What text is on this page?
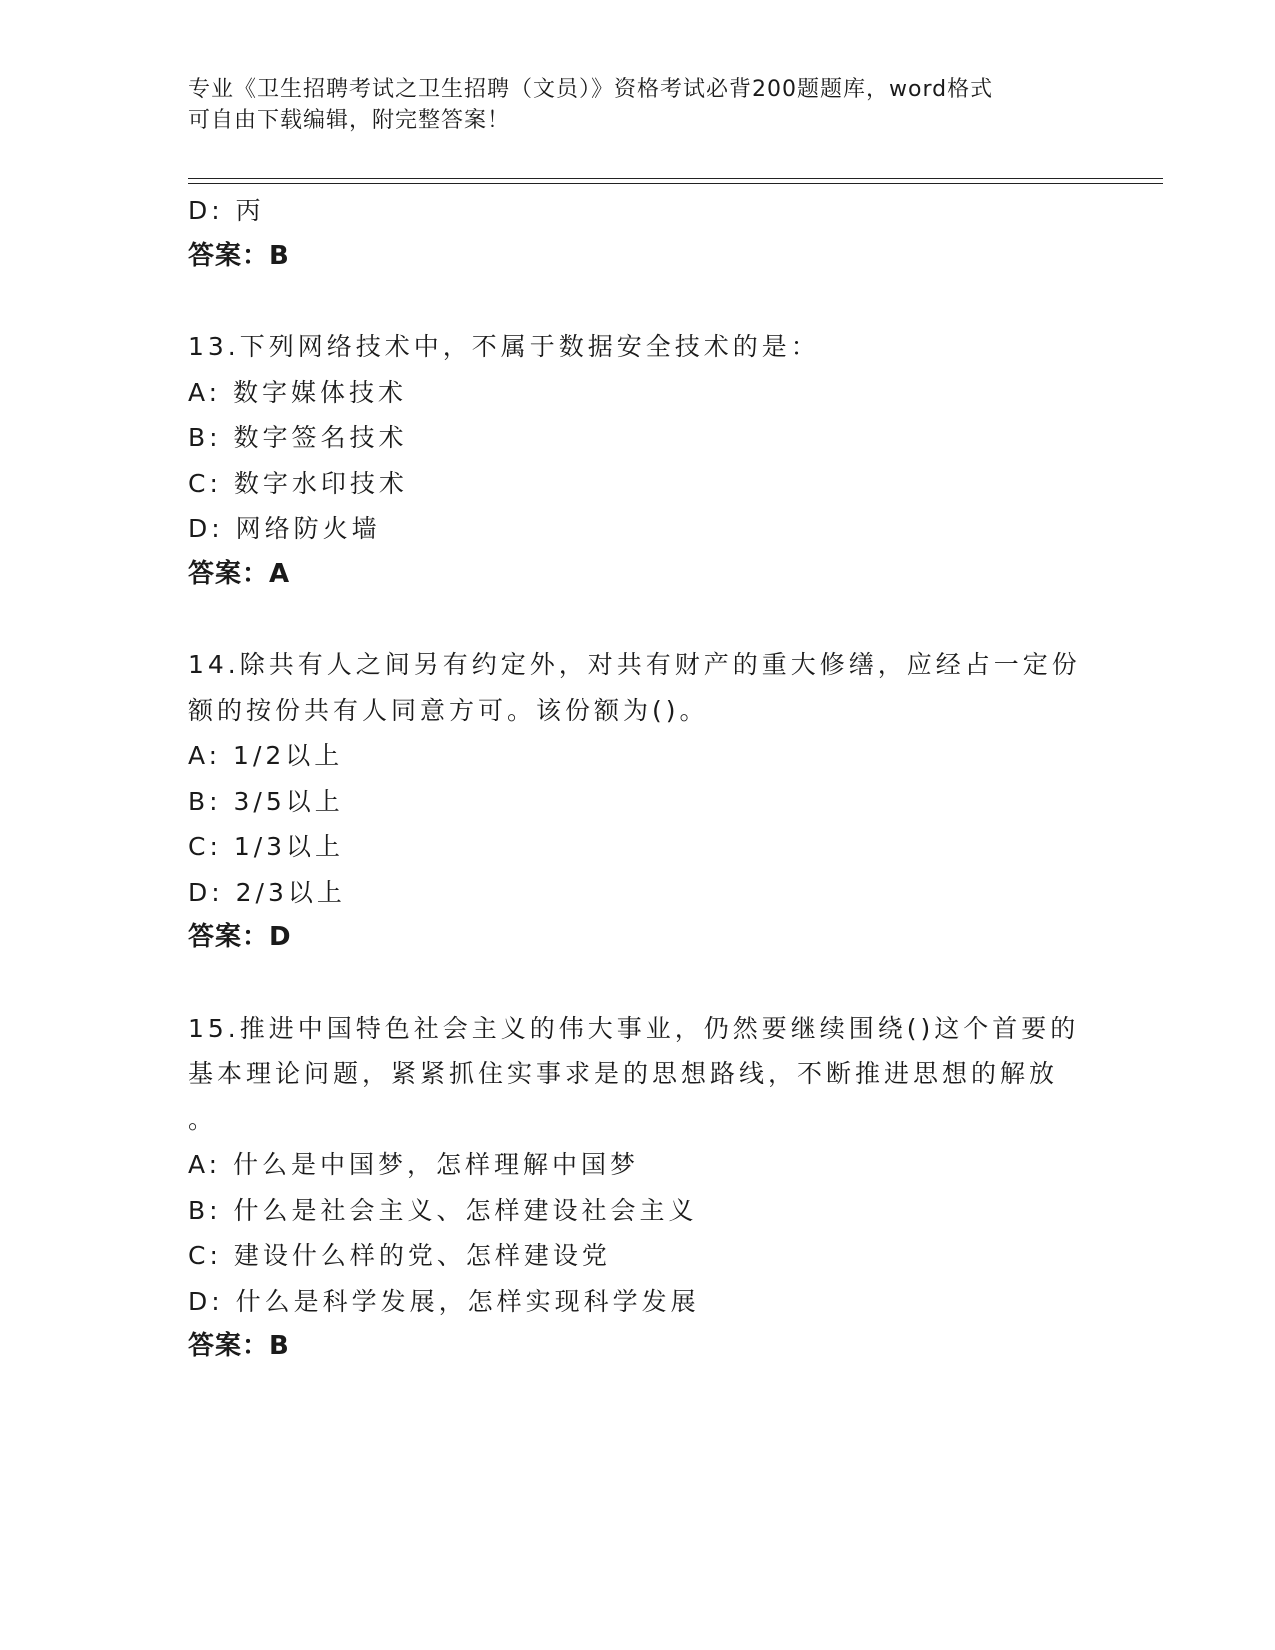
专业《卫生招聘考试之卫生招聘（文员）》资格考试必背200题题库，word格式
可自由下载编辑，附完整答案！
D: 丙
答案：B
13.下列网络技术中，不属于数据安全技术的是：
A: 数字媒体技术
B: 数字签名技术
C: 数字水印技术
D: 网络防火墙
答案：A
14.除共有人之间另有约定外，对共有财产的重大修缮，应经占一定份
额的按份共有人同意方可。该份额为()。
A: 1/2以上
B: 3/5以上
C: 1/3以上
D: 2/3以上
答案：D
15.推进中国特色社会主义的伟大事业，仍然要继续围绕()这个首要的
基本理论问题，紧紧抓住实事求是的思想路线，不断推进思想的解放
。
A: 什么是中国梦，怎样理解中国梦
B: 什么是社会主义、怎样建设社会主义
C: 建设什么样的党、怎样建设党
D: 什么是科学发展，怎样实现科学发展
答案：B
